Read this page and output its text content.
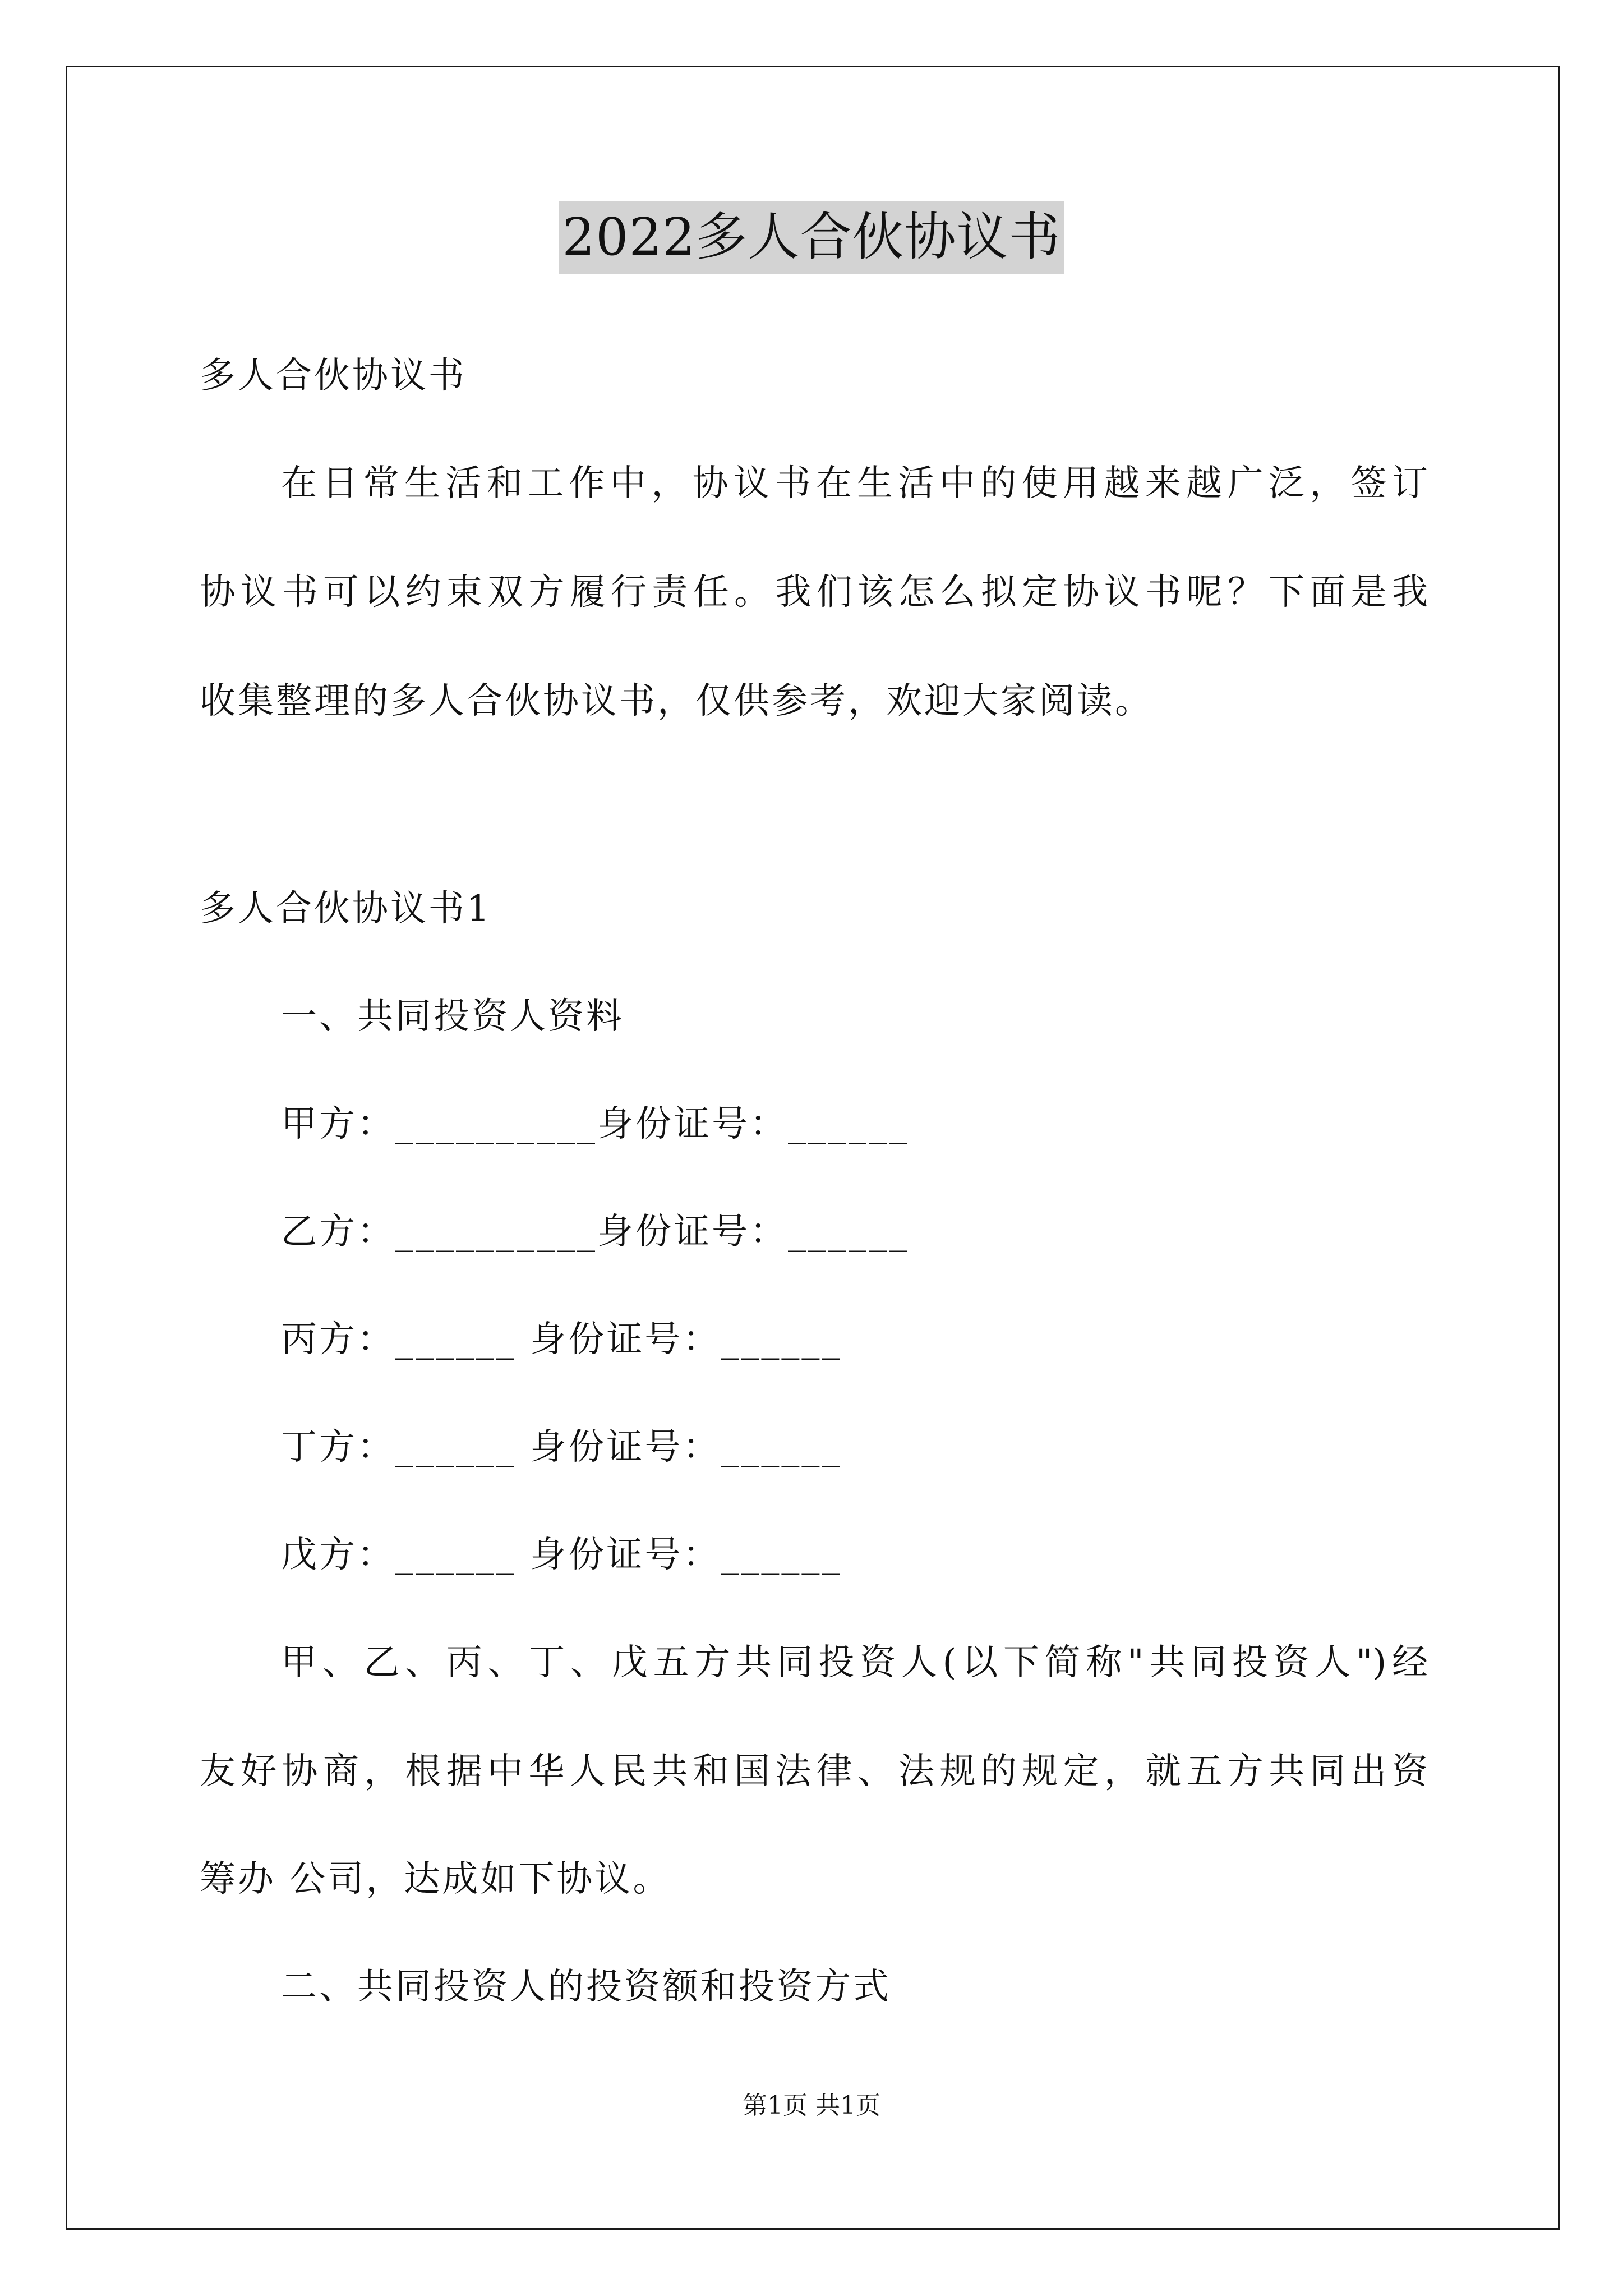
2022多人合伙协议书
多人合伙协议书
在日常生活和工作中，协议书在生活中的使用越来越广泛，签订
协议书可以约束双方履行责任。我们该怎么拟定协议书呢？下面是我
收集整理的多人合伙协议书，仅供参考，欢迎大家阅读。
多人合伙协议书1
一、共同投资人资料
甲方：__________身份证号：______
乙方：__________身份证号：______
丙方：______ 身份证号：______
丁方：______ 身份证号：______
戊方：______ 身份证号：______
甲、乙、丙、丁、戊五方共同投资人(以下简称"共同投资人")经
友好协商，根据中华人民共和国法律、法规的规定，就五方共同出资
筹办 公司，达成如下协议。
二、共同投资人的投资额和投资方式
第1页 共1页
